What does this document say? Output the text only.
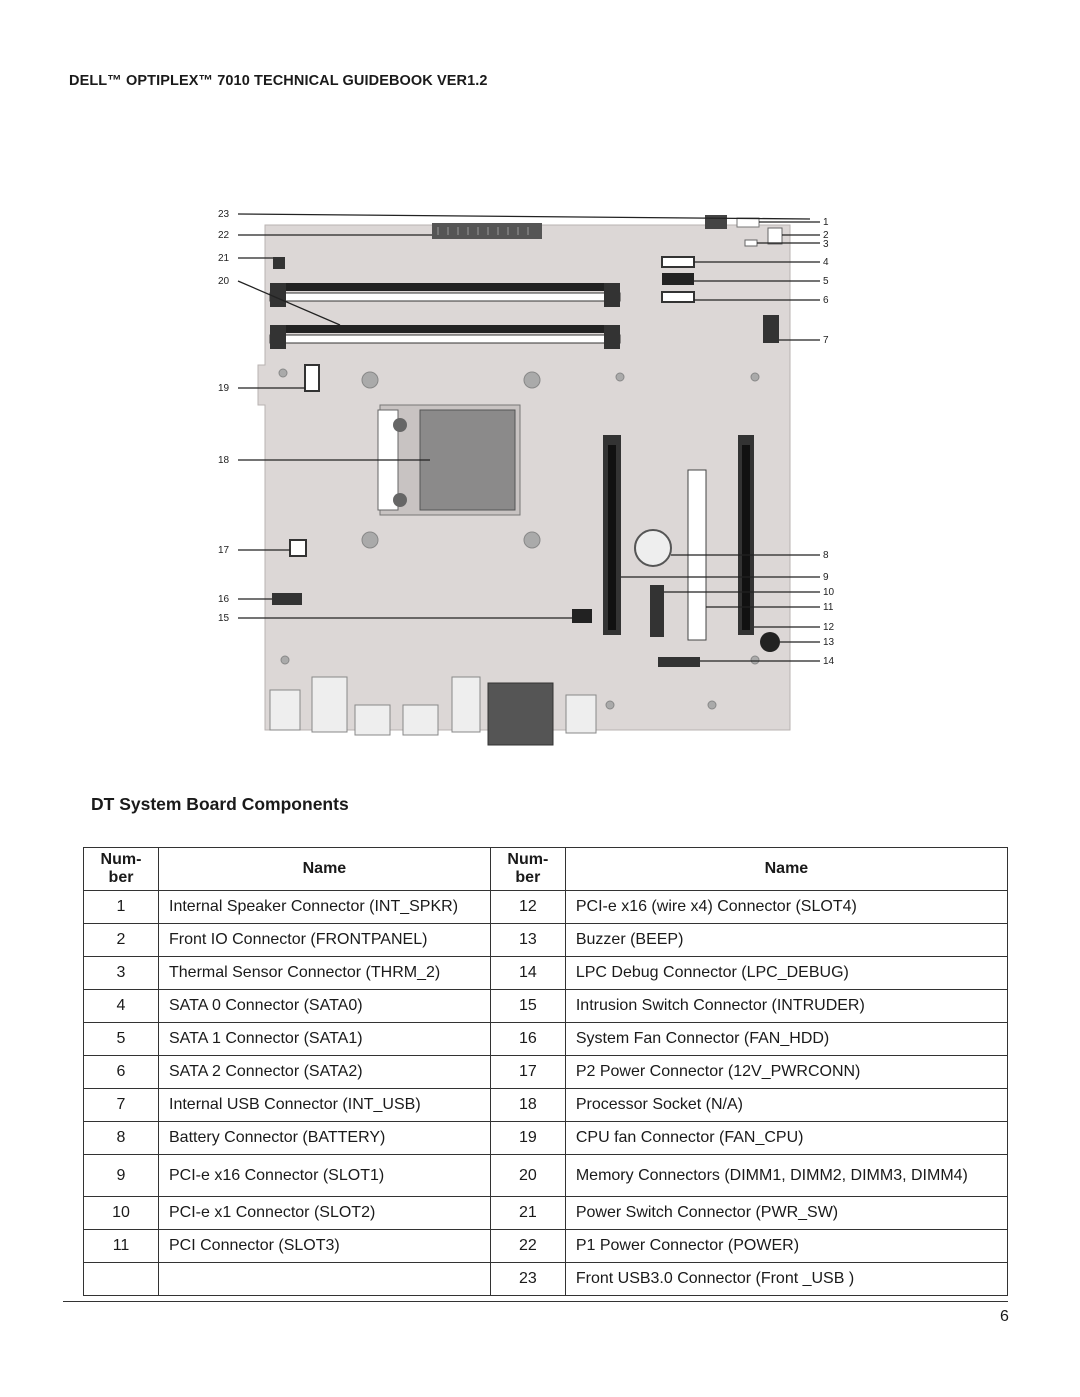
DELL™ OPTIPLEX™ 7010 TECHNICAL GUIDEBOOK VER1.2
23
22
21
20
19
18
17
16
15
1
2
3
4
5
6
7
8
9
10
11
12
13
14
DT System Board Components
Num-
ber	Name	Num-
ber	Name
1	Internal Speaker Connector (INT_SPKR)	12	PCI-e x16 (wire x4) Connector (SLOT4)
2	Front IO Connector (FRONTPANEL)	13	Buzzer (BEEP)
3	Thermal Sensor Connector (THRM_2)	14	LPC Debug Connector (LPC_DEBUG)
4	SATA 0 Connector (SATA0)	15	Intrusion Switch Connector (INTRUDER)
5	SATA 1 Connector (SATA1)	16	System Fan Connector (FAN_HDD)
6	SATA 2 Connector (SATA2)	17	P2 Power Connector (12V_PWRCONN)
7	Internal USB Connector (INT_USB)	18	Processor Socket (N/A)
8	Battery Connector (BATTERY)	19	CPU fan Connector (FAN_CPU)
9	PCI-e x16 Connector (SLOT1)	20	Memory Connectors (DIMM1, DIMM2, DIMM3, DIMM4)
10	PCI-e x1 Connector (SLOT2)	21	Power Switch Connector (PWR_SW)
11	PCI Connector (SLOT3)	22	P1 Power Connector (POWER)
		23	Front USB3.0 Connector (Front _USB )
6
